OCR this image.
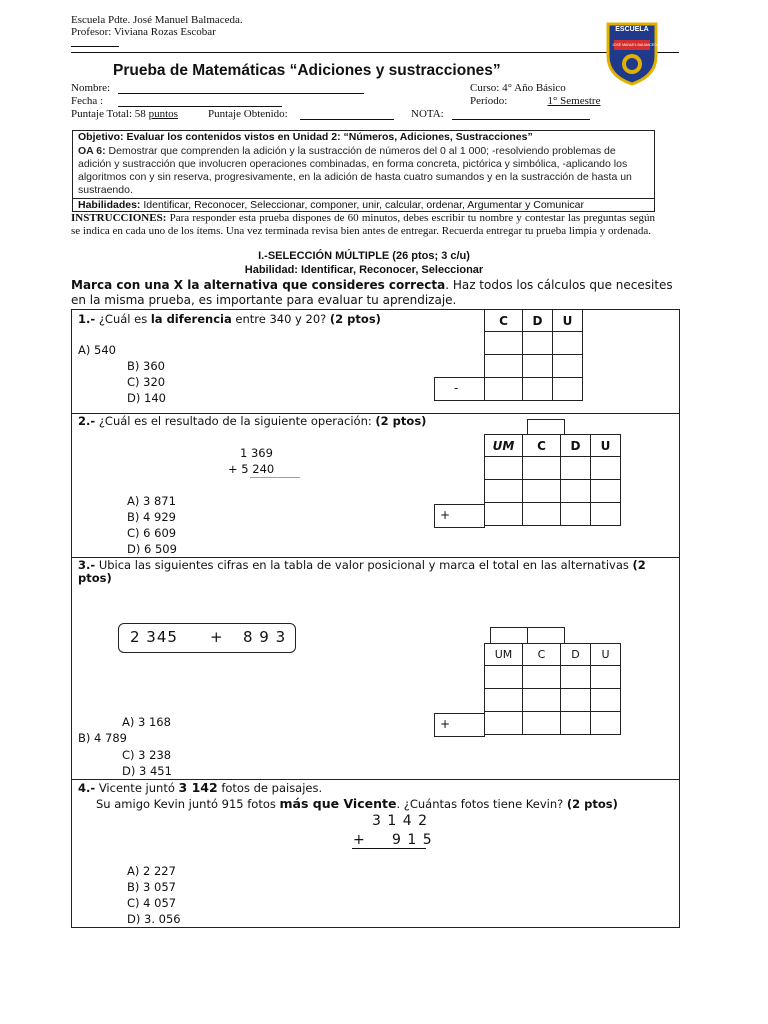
Escuela Pdte. José Manuel Balmaceda.
Profesor: Viviana Rozas Escobar	ESCUELA
JOSÉ MANUEL BALMACEDA
Prueba de Matemáticas “Adiciones y sustracciones”
Nombre:	Curso: 4° Año Básico
Fecha :	Período:	1° Semestre
Puntaje Total: 58 puntos	Puntaje Obtenido:	NOTA:
Objetivo: Evaluar los contenidos vistos en Unidad 2: “Números, Adiciones, Sustracciones”
OA 6: Demostrar que comprenden la adición y la sustracción de números del 0 al 1 000; -resolviendo problemas de adición y sustracción que involucren operaciones combinadas, en forma concreta, pictórica y simbólica, -aplicando los algoritmos con y sin reserva, progresivamente, en la adición de hasta cuatro sumandos y en la sustracción de hasta un sustraendo.
Habilidades: Identificar, Reconocer, Seleccionar, componer, unir, calcular, ordenar, Argumentar y Comunicar
INSTRUCCIONES: Para responder esta prueba dispones de 60 minutos, debes escribir tu nombre y contestar las preguntas según se indica en cada uno de los ítems. Una vez terminada revisa bien antes de entregar. Recuerda entregar tu prueba limpia y ordenada.
I.-SELECCIÓN MÚLTIPLE (26 ptos; 3 c/u)
Habilidad: Identificar, Reconocer, Seleccionar
Marca con una X la alternativa que consideres correcta. Haz todos los cálculos que necesites en la misma prueba, es importante para evaluar tu aprendizaje.
1.- ¿Cuál es la diferencia entre 340 y 20? (2 ptos)
A) 540
B) 360
C) 320
D) 140
C	D	U

-
2.- ¿Cuál es el resultado de la siguiente operación: (2 ptos)
1 369
+ 5 240
A) 3 871
B) 4 929
C) 6 609
D) 6 509
UM	C	D	U

+
3.- Ubica las siguientes cifras en la tabla de valor posicional y marca el total en las alternativas (2 ptos)
2 345 + 8 9 3
A) 3 168
B) 4 789
C) 3 238
D) 3 451
UM	C	D	U

+
4.- Vicente juntó 3 142 fotos de paisajes.
Su amigo Kevin juntó 915 fotos más que Vicente. ¿Cuántas fotos tiene Kevin? (2 ptos)
3 1 4 2
+ 9 1 5
A) 2 227
B) 3 057
C) 4 057
D) 3. 056
